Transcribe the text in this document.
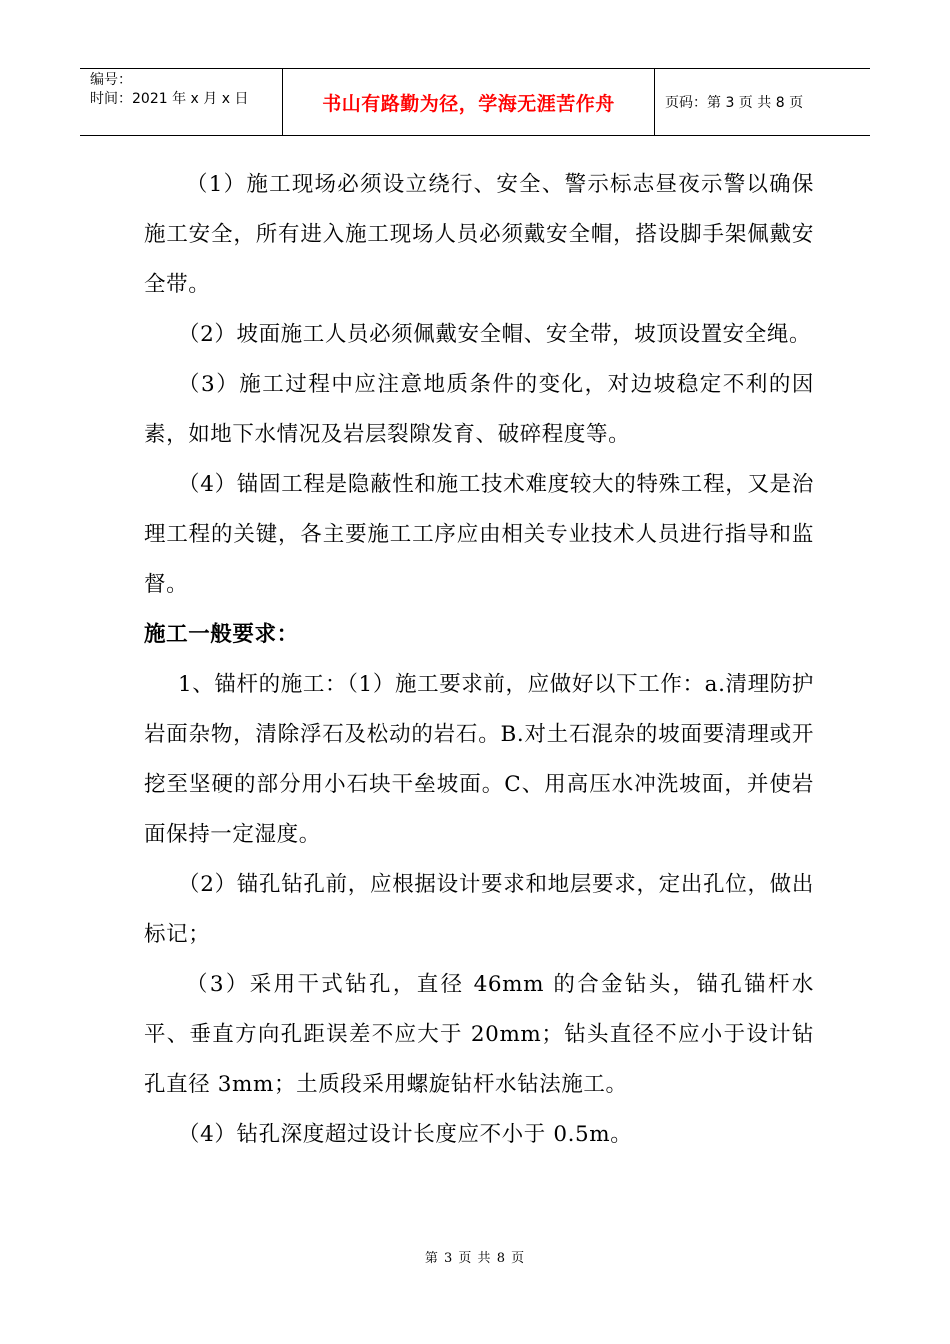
编号：
时间：2021 年 x 月 x 日	书山有路勤为径，学海无涯苦作舟	页码：第 3 页 共 8 页

（1）施工现场必须设立绕行、安全、警示标志昼夜示警以确保施工安全，所有进入施工现场人员必须戴安全帽，搭设脚手架佩戴安全带。

（2）坡面施工人员必须佩戴安全帽、安全带，坡顶设置安全绳。

（3）施工过程中应注意地质条件的变化，对边坡稳定不利的因素，如地下水情况及岩层裂隙发育、破碎程度等。

（4）锚固工程是隐蔽性和施工技术难度较大的特殊工程，又是治理工程的关键，各主要施工工序应由相关专业技术人员进行指导和监督。

施工一般要求：

1、锚杆的施工：（1）施工要求前，应做好以下工作：a.清理防护岩面杂物，清除浮石及松动的岩石。B.对土石混杂的坡面要清理或开挖至坚硬的部分用小石块干垒坡面。C、用高压水冲洗坡面，并使岩面保持一定湿度。

（2）锚孔钻孔前，应根据设计要求和地层要求，定出孔位，做出标记；

（3）采用干式钻孔，直径 46mm 的合金钻头，锚孔锚杆水平、垂直方向孔距误差不应大于 20mm；钻头直径不应小于设计钻孔直径 3mm；土质段采用螺旋钻杆水钻法施工。

（4）钻孔深度超过设计长度应不小于 0.5m。

第 3 页 共 8 页
